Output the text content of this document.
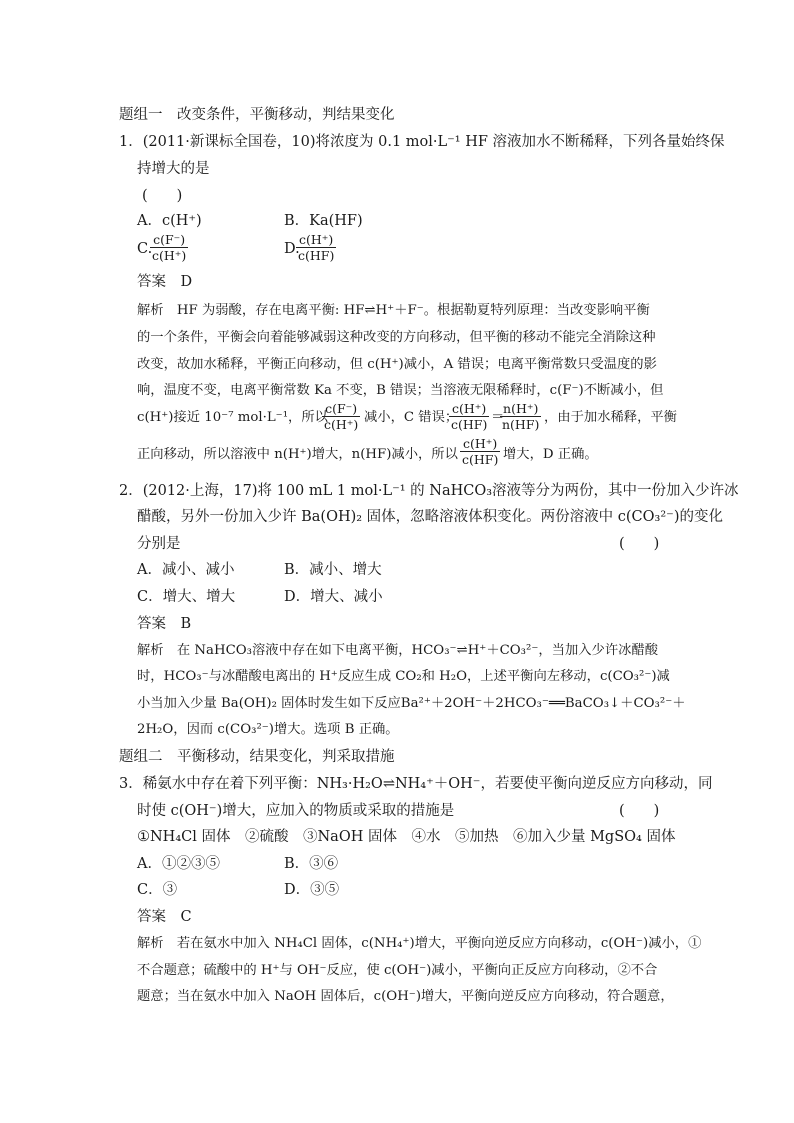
题组一　改变条件，平衡移动，判结果变化
1．(2011·新课标全国卷，10)将浓度为 0.1 mol·L⁻¹ HF 溶液加水不断稀释，下列各量始终保
持增大的是
(　　)
A．c(H⁺)	B．Ka(HF)
C.
$\frac{c(F^-)}{c(H^+)}$	D.
$\frac{c(H^+)}{c(HF)}$
答案　D
解析　HF 为弱酸，存在电离平衡: HF⇌H⁺＋F⁻。根据勒夏特列原理：当改变影响平衡
的一个条件，平衡会向着能够减弱这种改变的方向移动，但平衡的移动不能完全消除这种
改变，故加水稀释，平衡正向移动，但 c(H⁺)减小，A 错误；电离平衡常数只受温度的影
响，温度不变，电离平衡常数 Ka 不变，B 错误；当溶液无限稀释时，c(F⁻)不断减小，但
c(H⁺)接近 10⁻⁷ mol·L⁻¹，所以
$\frac{c(F^-)}{c(H^+)}$ 减小，C 错误；
$\frac{c(H^+)}{c(HF)}$ ＝
$\frac{n(H^+)}{n(HF)}$ ，由于加水稀释，平衡
正向移动，所以溶液中 n(H⁺)增大，n(HF)减小，所以 $\frac{c(H^+)}{c(HF)}$ 增大，D 正确。
2．(2012·上海，17)将 100 mL 1 mol·L⁻¹ 的 NaHCO₃溶液等分为两份，其中一份加入少许冰
醋酸，另外一份加入少许 Ba(OH)₂ 固体，忽略溶液体积变化。两份溶液中 c(CO₃²⁻)的变化
分别是	(　　)
A．减小、减小	B．减小、增大
C．增大、增大	D．增大、减小
答案　B
解析　在 NaHCO₃溶液中存在如下电离平衡，HCO₃⁻⇌H⁺＋CO₃²⁻，当加入少许冰醋酸
时，HCO₃⁻与冰醋酸电离出的 H⁺反应生成 CO₂和 H₂O，上述平衡向左移动，c(CO₃²⁻)减
小当加入少量 Ba(OH)₂ 固体时发生如下反应Ba²⁺＋2OH⁻＋2HCO₃⁻══BaCO₃↓＋CO₃²⁻＋
2H₂O，因而 c(CO₃²⁻)增大。选项 B 正确。
题组二　平衡移动，结果变化，判采取措施
3．稀氨水中存在着下列平衡：NH₃·H₂O⇌NH₄⁺＋OH⁻，若要使平衡向逆反应方向移动，同
时使 c(OH⁻)增大，应加入的物质或采取的措施是	(　　)
①NH₄Cl 固体　②硫酸　③NaOH 固体　④水　⑤加热　⑥加入少量 MgSO₄ 固体
A．①②③⑤	B．③⑥
C．③	D．③⑤
答案　C
解析　若在氨水中加入 NH₄Cl 固体，c(NH₄⁺)增大，平衡向逆反应方向移动，c(OH⁻)减小，①
不合题意；硫酸中的 H⁺与 OH⁻反应，使 c(OH⁻)减小，平衡向正反应方向移动，②不合
题意；当在氨水中加入 NaOH 固体后，c(OH⁻)增大，平衡向逆反应方向移动，符合题意，
